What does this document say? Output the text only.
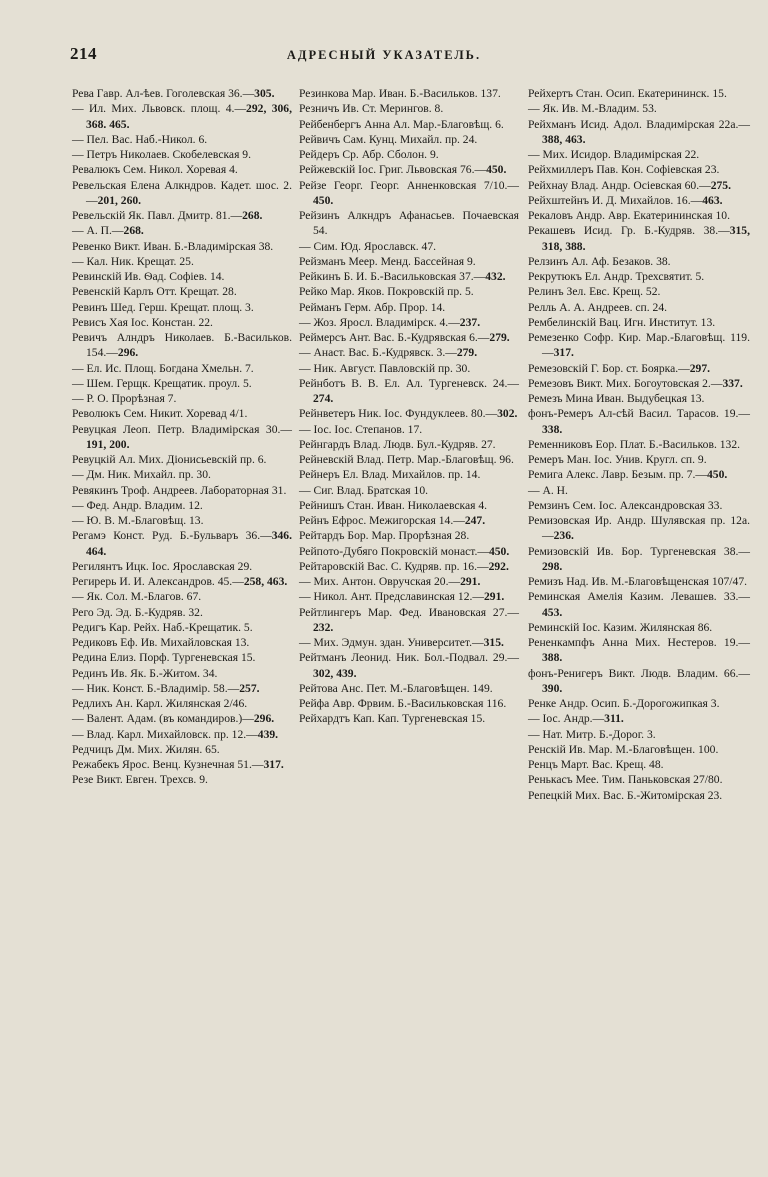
214	АДРЕСНЫЙ УКАЗАТЕЛЬ.

Рева Гавр. Ал-ѣев. Гоголевская 36.—305.

— Ил. Мих. Львовск. площ. 4.—292, 306, 368. 465.

— Пел. Вас. Наб.-Никол. 6.

— Петръ Николаев. Скобелевская 9.

Ревалюкъ Сем. Никол. Хоревая 4.

Ревельская Елена Алкндров. Кадет. шос. 2.—201, 260.

Ревельскій Як. Павл. Дмитр. 81.—268.

— А. П.—268.

Ревенко Викт. Иван. Б.-Владимірская 38.

— Кал. Ник. Крещат. 25.

Ревинскій Ив. Ѳад. Софіев. 14.

Ревенскій Карлъ Отт. Крещат. 28.

Ревинъ Шед. Герш. Крещат. площ. 3.

Ревисъ Хая Іос. Констан. 22.

Ревичъ Алндръ Николаев. Б.-Васильков. 154.—296.

— Ел. Ис. Площ. Богдана Хмельн. 7.

— Шем. Герщк. Крещатик. проул. 5.

— Р. О. Прорѣзная 7.

Революкъ Сем. Никит. Хоревад 4/1.

Ревуцкая Леоп. Петр. Владимірская 30.—191, 200.

Ревуцкій Ал. Мих. Діонисьевскій пр. 6.

— Дм. Ник. Михайл. пр. 30.

Ревякинъ Троф. Андреев. Лабораторная 31.

— Фед. Андр. Владим. 12.

— Ю. В. М.-Благовѣщ. 13.

Регамэ Конст. Руд. Б.-Бульваръ 36.—346. 464.

Регилянтъ Ицк. Іос. Ярославская 29.

Регирерь И. И. Александров. 45.—258, 463.

— Як. Сол. М.-Благов. 67.

Рего Эд. Эд. Б.-Кудряв. 32.

Редигъ Кар. Рейх. Наб.-Крещатик. 5.

Редиковъ Еф. Ив. Михайловская 13.

Редина Елиз. Порф. Тургеневская 15.

Рединъ Ив. Як. Б.-Житом. 34.

— Ник. Конст. Б.-Владимір. 58.—257.

Редлихъ Ан. Карл. Жилянская 2/46.

— Валент. Адам. (въ командиров.)—296.

— Влад. Карл. Михайловск. пр. 12.—439.

Редчицъ Дм. Мих. Жилян. 65.

Режабекъ Ярос. Венц. Кузнечная 51.—317.

Резе Викт. Евген. Трехсв. 9.

Резинкова Мар. Иван. Б.-Васильков. 137.

Резничъ Ив. Ст. Мерингов. 8.

Рейбенбергъ Анна Ал. Мар.-Благовѣщ. 6.

Рейвичъ Сам. Кунц. Михайл. пр. 24.

Рейдеръ Ср. Абр. Сболон. 9.

Рейжевскій Іос. Григ. Львовская 76.—450.

Рейзе Георг. Георг. Анненковская 7/10.—450.

Рейзинъ Алкндръ Афанасьев. Почаевская 54.

— Сим. Юд. Ярославск. 47.

Рейзманъ Меер. Менд. Бассейная 9.

Рейкинъ Б. И. Б.-Васильковская 37.—432.

Рейко Мар. Яков. Покровскій пр. 5.

Рейманъ Герм. Абр. Прор. 14.

— Жоз. Яросл. Владимірск. 4.—237.

Реймерсъ Ант. Вас. Б.-Кудрявская 6.—279.

— Анаст. Вас. Б.-Кудрявск. 3.—279.

— Ник. Август. Павловскій пр. 30.

Рейнботъ В. В. Ел. Ал. Тургеневск. 24.—274.

Рейнветеръ Ник. Іос. Фундуклеев. 80.—302.

— Іос. Іос. Степанов. 17.

Рейнгардъ Влад. Людв. Бул.-Кудряв. 27.

Рейневскій Влад. Петр. Мар.-Благовѣщ. 96.

Рейнеръ Ел. Влад. Михайлов. пр. 14.

— Сиг. Влад. Братская 10.

Рейнишъ Стан. Иван. Николаевская 4.

Рейнъ Ефрос. Межигорская 14.—247.

Рейтардъ Бор. Мар. Прорѣзная 28.

Рейпото-Дубяго Покровскій монаст.—450.

Рейтаровскій Вас. С. Кудряв. пр. 16.—292.

— Мих. Антон. Овручская 20.—291.

— Никол. Ант. Предславинская 12.—291.

Рейтлингеръ Мар. Фед. Ивановская 27.—232.

— Мих. Эдмун. здан. Университет.—315.

Рейтманъ Леонид. Ник. Бол.-Подвал. 29.—302, 439.

Рейтова Анс. Пет. М.-Благовѣщен. 149.

Рейфа Авр. Фрвим. Б.-Васильковская 116.

Рейхардтъ Кап. Кап. Тургеневская 15.

Рейхертъ Стан. Осип. Екатерининск. 15.

— Як. Ив. М.-Владим. 53.

Рейхманъ Исид. Адол. Владимірская 22а.—388, 463.

— Мих. Исидор. Владимірская 22.

Рейхмиллеръ Пав. Кон. Софіевская 23.

Рейхнау Влад. Андр. Осіевская 60.—275.

Рейхштейнъ И. Д. Михайлов. 16.—463.

Рекаловъ Андр. Авр. Екатерининская 10.

Рекашевъ Исид. Гр. Б.-Кудряв. 38.—315, 318, 388.

Релзинъ Ал. Аф. Безаков. 38.

Рекрутюкъ Ел. Андр. Трехсвятит. 5.

Релинъ Зел. Евс. Крещ. 52.

Релль А. А. Андреев. сп. 24.

Рембелинскій Вац. Игн. Институт. 13.

Ремезенко Софр. Кир. Мар.-Благовѣщ. 119.—317.

Ремезовскій Г. Бор. ст. Боярка.—297.

Ремезовъ Викт. Мих. Богоутовская 2.—337.

Ремезъ Мина Иван. Выдубецкая 13.

фонъ-Ремеръ Ал-сѣй Васил. Тарасов. 19.—338.

Ременниковъ Еор. Плат. Б.-Васильков. 132.

Ремеръ Ман. Іос. Унив. Кругл. сп. 9.

Ремига Алекс. Лавр. Безым. пр. 7.—450.

— А. Н.

Ремзинъ Сем. Іос. Александровская 33.

Ремизовская Ир. Андр. Шулявская пр. 12а.—236.

Ремизовскій Ив. Бор. Тургеневская 38.—298.

Ремизъ Над. Ив. М.-Благовѣщенская 107/47.

Реминская Амелія Казим. Левашев. 33.—453.

Реминскій Іос. Казим. Жилянская 86.

Рененкампфъ Анна Мих. Нестеров. 19.—388.

фонъ-Ренигеръ Викт. Людв. Владим. 66.—390.

Ренке Андр. Осип. Б.-Дорогожипкая 3.

— Іос. Андр.—311.

— Нат. Митр. Б.-Дорог. 3.

Ренскій Ив. Мар. М.-Благовѣщен. 100.

Ренцъ Март. Вас. Крещ. 48.

Ренькасъ Мее. Тим. Паньковская 27/80.

Репецкій Мих. Вас. Б.-Житомірская 23.
